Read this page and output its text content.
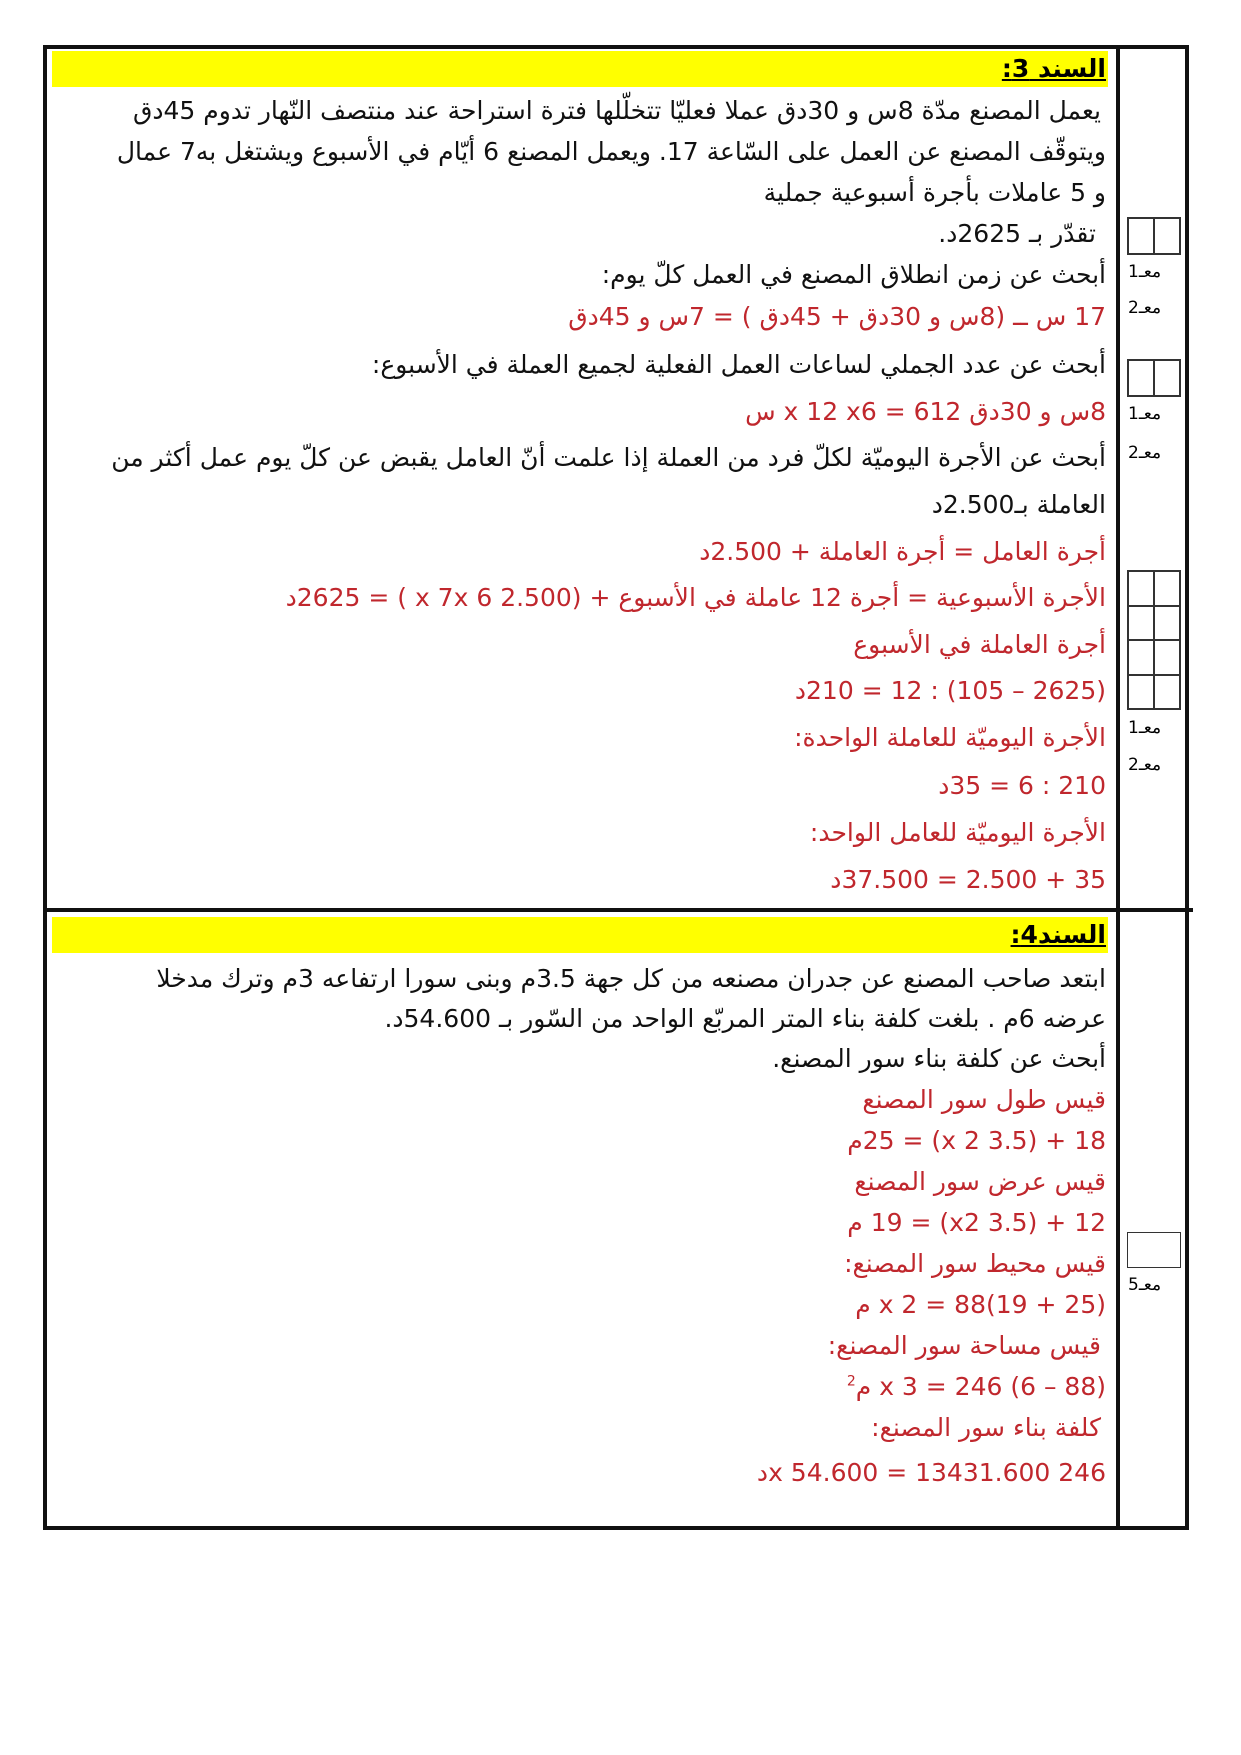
السند 3:
يعمل المصنع مدّة 8س و 30دق عملا فعليّا تتخلّلها فترة استراحة عند منتصف النّهار تدوم 45دق
ويتوقّف المصنع عن العمل على السّاعة 17. ويعمل المصنع 6 أيّام في الأسبوع ويشتغل به7 عمال
و 5 عاملات بأجرة أسبوعية جملية
تقدّر بـ 2625د.
أبحث عن زمن انطلاق المصنع في العمل كلّ يوم:
17 س ــ (8س و 30دق + 45دق ) = 7س و 45دق
أبحث عن عدد الجملي لساعات العمل الفعلية لجميع العملة في الأسبوع:
8س و 30دق x 12 x6 = 612 س
أبحث عن الأجرة اليوميّة لكلّ فرد من العملة إذا علمت أنّ العامل يقبض عن كلّ يوم عمل أكثر من
العاملة بـ2.500د
أجرة العامل = أجرة العاملة + 2.500د
الأجرة الأسبوعية = أجرة 12 عاملة في الأسبوع + (2.500 x 7x 6 ) = 2625د
أجرة العاملة في الأسبوع
(2625 – 105) : 12 = 210د
الأجرة اليوميّة للعاملة الواحدة:
210 : 6 = 35د
الأجرة اليوميّة للعامل الواحد:
35 + 2.500 = 37.500د
معـ1
معـ2
معـ1
معـ2
معـ1
معـ2
السند4:
ابتعد صاحب المصنع عن جدران مصنعه من كل جهة 3.5م وبنى سورا ارتفاعه 3م وترك مدخلا
عرضه 6م . بلغت كلفة بناء المتر المربّع الواحد من السّور بـ 54.600د.
أبحث عن كلفة بناء سور المصنع.
قيس طول سور المصنع
18 + (3.5 x 2) = 25م
قيس عرض سور المصنع
12 + (3.5 x2) = 19 م
قيس محيط سور المصنع:
(25 + 19)x 2 = 88 م
قيس مساحة سور المصنع:
(88 – 6) x 3 = 246 م$^2$
كلفة بناء سور المصنع:
246 x 54.600 = 13431.600د
معـ5
